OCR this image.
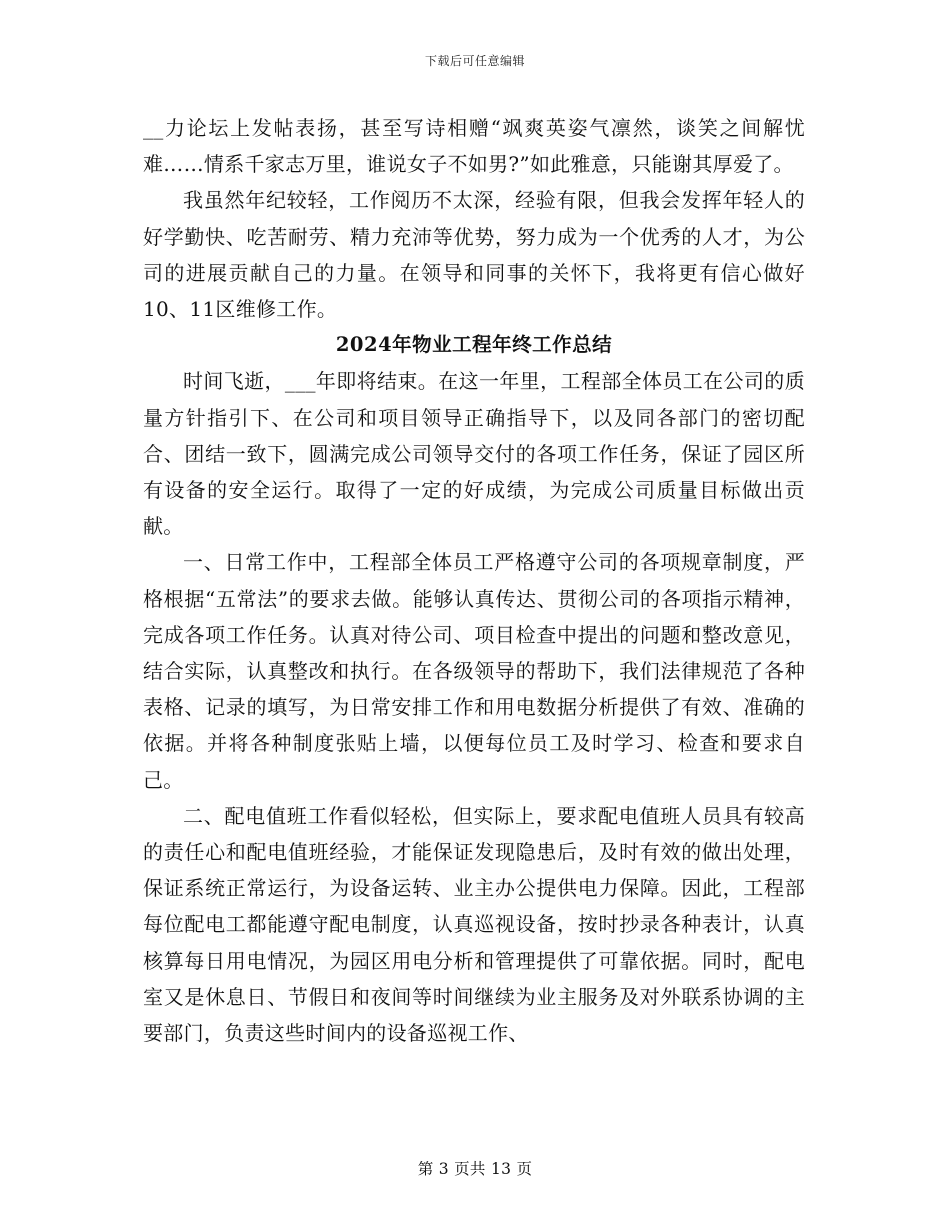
下载后可任意编辑

__力论坛上发帖表扬，甚至写诗相赠“飒爽英姿气凛然，谈笑之间解忧难……情系千家志万里，谁说女子不如男?”如此雅意，只能谢其厚爱了。

我虽然年纪较轻，工作阅历不太深，经验有限，但我会发挥年轻人的好学勤快、吃苦耐劳、精力充沛等优势，努力成为一个优秀的人才，为公司的进展贡献自己的力量。在领导和同事的关怀下，我将更有信心做好10、11区维修工作。

2024年物业工程年终工作总结

时间飞逝，___年即将结束。在这一年里，工程部全体员工在公司的质量方针指引下、在公司和项目领导正确指导下，以及同各部门的密切配合、团结一致下，圆满完成公司领导交付的各项工作任务，保证了园区所有设备的安全运行。取得了一定的好成绩，为完成公司质量目标做出贡献。

一、日常工作中，工程部全体员工严格遵守公司的各项规章制度，严格根据“五常法”的要求去做。能够认真传达、贯彻公司的各项指示精神，完成各项工作任务。认真对待公司、项目检查中提出的问题和整改意见，结合实际，认真整改和执行。在各级领导的帮助下，我们法律规范了各种表格、记录的填写，为日常安排工作和用电数据分析提供了有效、准确的依据。并将各种制度张贴上墙，以便每位员工及时学习、检查和要求自己。

二、配电值班工作看似轻松，但实际上，要求配电值班人员具有较高的责任心和配电值班经验，才能保证发现隐患后，及时有效的做出处理，保证系统正常运行，为设备运转、业主办公提供电力保障。因此，工程部每位配电工都能遵守配电制度，认真巡视设备，按时抄录各种表计，认真核算每日用电情况，为园区用电分析和管理提供了可靠依据。同时，配电室又是休息日、节假日和夜间等时间继续为业主服务及对外联系协调的主要部门，负责这些时间内的设备巡视工作、

第 3 页共 13 页
